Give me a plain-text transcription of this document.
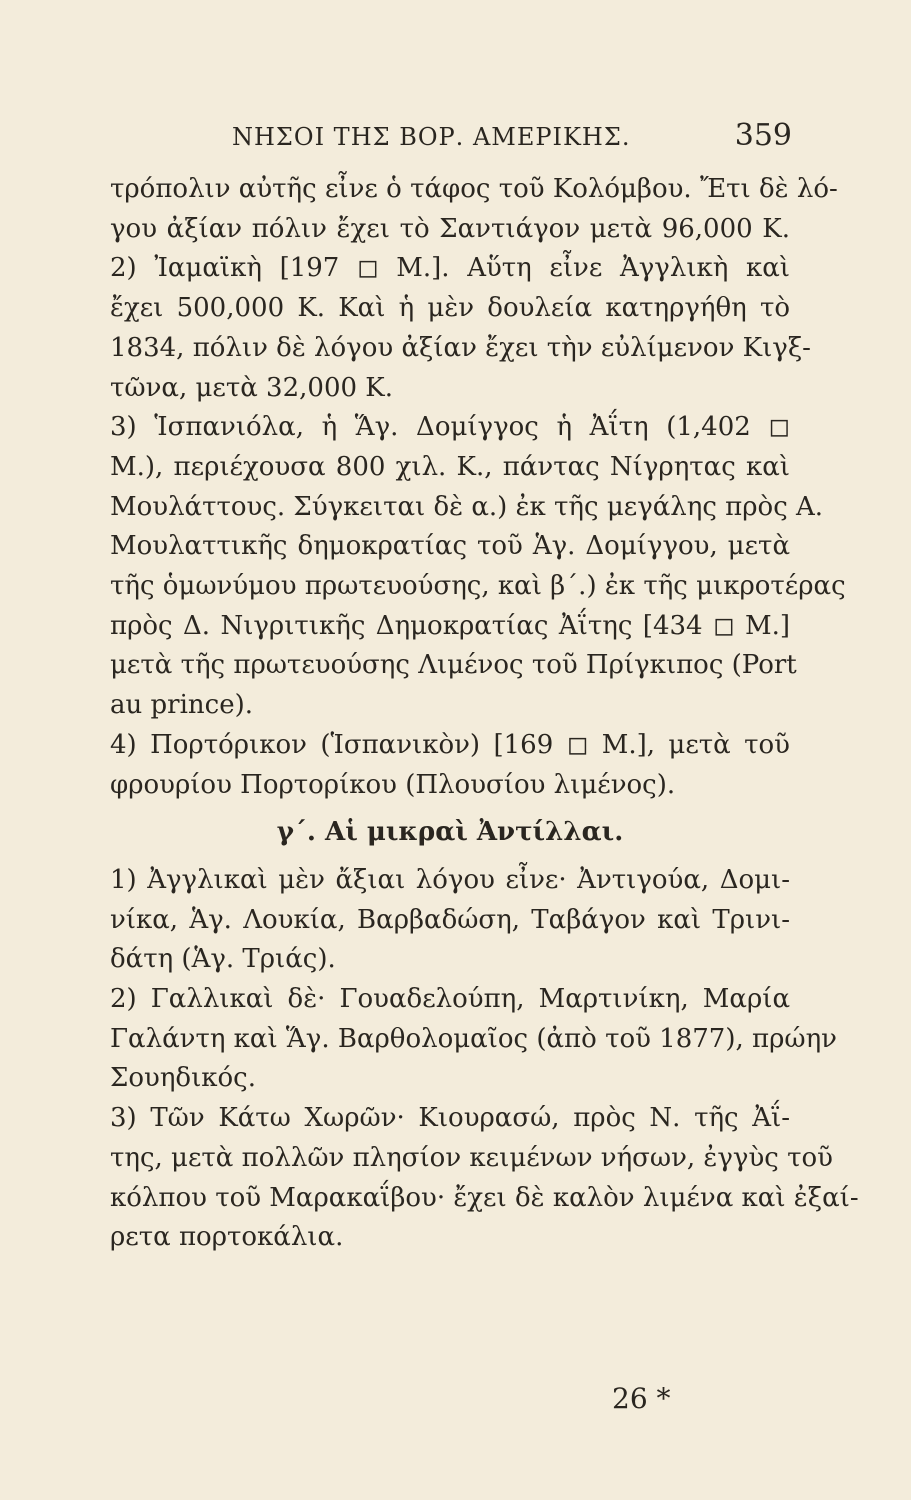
ΝΗΣΟΙ ΤΗΣ ΒΟΡ. ΑΜΕΡΙΚΗΣ.	359
τρόπολιν αὐτῆς εἶνε ὁ τάφος τοῦ Κολόμβου. Ἔτι δὲ λό-
γου ἀξίαν πόλιν ἔχει τὸ Σαντιάγον μετὰ 96,000 Κ.
2) Ἰαμαϊκὴ [197 ◻ Μ.]. Αὕτη εἶνε Ἀγγλικὴ καὶ
ἔχει 500,000 Κ. Καὶ ἡ μὲν δουλεία κατηργήθη τὸ
1834, πόλιν δὲ λόγου ἀξίαν ἔχει τὴν εὐλίμενον Κιγξ-
τῶνα, μετὰ 32,000 Κ.
3) Ἱσπανιόλα, ἡ Ἅγ. Δομίγγος ἡ Ἀΐτη (1,402 ◻
Μ.), περιέχουσα 800 χιλ. Κ., πάντας Νίγρητας καὶ
Μουλάττους. Σύγκειται δὲ α.) ἐκ τῆς μεγάλης πρὸς Α.
Μουλαττικῆς δημοκρατίας τοῦ Ἁγ. Δομίγγου, μετὰ
τῆς ὁμωνύμου πρωτευούσης, καὶ β΄.) ἐκ τῆς μικροτέρας
πρὸς Δ. Νιγριτικῆς Δημοκρατίας Ἀΐτης [434 ◻ Μ.]
μετὰ τῆς πρωτευούσης Λιμένος τοῦ Πρίγκιπος (Port
au prince).
4) Πορτόρικον (Ἱσπανικὸν) [169 ◻ Μ.], μετὰ τοῦ
φρουρίου Πορτορίκου (Πλουσίου λιμένος).
γ΄. Αἱ μικραὶ Ἀντίλλαι.
1) Ἀγγλικαὶ μὲν ἄξιαι λόγου εἶνε· Ἀντιγούα, Δομι-
νίκα, Ἁγ. Λουκία, Βαρβαδώση, Ταβάγον καὶ Τρινι-
δάτη (Ἁγ. Τριάς).
2) Γαλλικαὶ δὲ· Γουαδελούπη, Μαρτινίκη, Μαρία
Γαλάντη καὶ Ἅγ. Βαρθολομαῖος (ἀπὸ τοῦ 1877), πρώην
Σουηδικός.
3) Τῶν Κάτω Χωρῶν· Κιουρασώ, πρὸς Ν. τῆς Ἀΐ-
της, μετὰ πολλῶν πλησίον κειμένων νήσων, ἐγγὺς τοῦ
κόλπου τοῦ Μαρακαΐβου· ἔχει δὲ καλὸν λιμένα καὶ ἐξαί-
ρετα πορτοκάλια.
26 *
